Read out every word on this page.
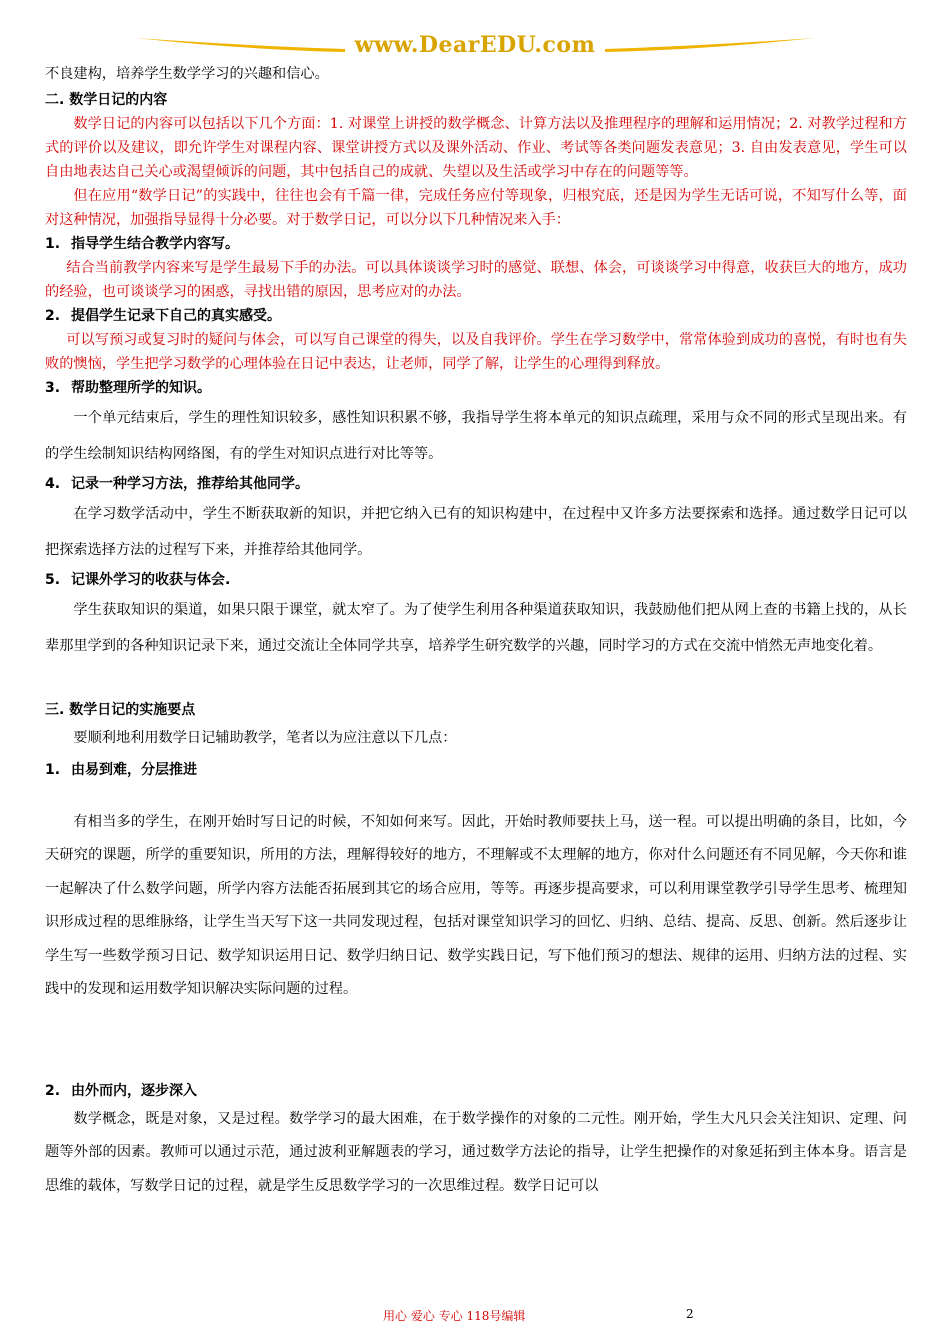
www.DearEDU.com

不良建构，培养学生数学学习的兴趣和信心。

二. 数学日记的内容

数学日记的内容可以包括以下几个方面：1. 对课堂上讲授的数学概念、计算方法以及推理程序的理解和运用情况；2. 对教学过程和方式的评价以及建议，即允许学生对课程内容、课堂讲授方式以及课外活动、作业、考试等各类问题发表意见；3. 自由发表意见，学生可以自由地表达自己关心或渴望倾诉的问题，其中包括自己的成就、失望以及生活或学习中存在的问题等等。

但在应用“数学日记”的实践中，往往也会有千篇一律，完成任务应付等现象，归根究底，还是因为学生无话可说，不知写什么等，面对这种情况，加强指导显得十分必要。对于数学日记，可以分以下几种情况来入手：

1. 指导学生结合教学内容写。

结合当前教学内容来写是学生最易下手的办法。可以具体谈谈学习时的感觉、联想、体会，可谈谈学习中得意，收获巨大的地方，成功的经验，也可谈谈学习的困惑，寻找出错的原因，思考应对的办法。

2. 提倡学生记录下自己的真实感受。

可以写预习或复习时的疑问与体会，可以写自己课堂的得失，以及自我评价。学生在学习数学中，常常体验到成功的喜悦，有时也有失败的懊恼，学生把学习数学的心理体验在日记中表达，让老师，同学了解，让学生的心理得到释放。

3. 帮助整理所学的知识。

一个单元结束后，学生的理性知识较多，感性知识积累不够，我指导学生将本单元的知识点疏理，采用与众不同的形式呈现出来。有的学生绘制知识结构网络图，有的学生对知识点进行对比等等。

4. 记录一种学习方法，推荐给其他同学。

在学习数学活动中，学生不断获取新的知识，并把它纳入已有的知识构建中，在过程中又许多方法要探索和选择。通过数学日记可以把探索选择方法的过程写下来，并推荐给其他同学。

5. 记课外学习的收获与体会.

学生获取知识的渠道，如果只限于课堂，就太窄了。为了使学生利用各种渠道获取知识，我鼓励他们把从网上查的书籍上找的，从长辈那里学到的各种知识记录下来，通过交流让全体同学共享，培养学生研究数学的兴趣，同时学习的方式在交流中悄然无声地变化着。

三. 数学日记的实施要点

要顺利地利用数学日记辅助教学，笔者以为应注意以下几点：

1. 由易到难，分层推进

有相当多的学生，在刚开始时写日记的时候，不知如何来写。因此，开始时教师要扶上马，送一程。可以提出明确的条目，比如，今天研究的课题，所学的重要知识，所用的方法，理解得较好的地方，不理解或不太理解的地方，你对什么问题还有不同见解，今天你和谁一起解决了什么数学问题，所学内容方法能否拓展到其它的场合应用，等等。再逐步提高要求，可以利用课堂教学引导学生思考、梳理知识形成过程的思维脉络，让学生当天写下这一共同发现过程，包括对课堂知识学习的回忆、归纳、总结、提高、反思、创新。然后逐步让学生写一些数学预习日记、数学知识运用日记、数学归纳日记、数学实践日记，写下他们预习的想法、规律的运用、归纳方法的过程、实践中的发现和运用数学知识解决实际问题的过程。

2. 由外而内，逐步深入

数学概念，既是对象，又是过程。数学学习的最大困难，在于数学操作的对象的二元性。刚开始，学生大凡只会关注知识、定理、问题等外部的因素。教师可以通过示范，通过波利亚解题表的学习，通过数学方法论的指导，让学生把操作的对象延拓到主体本身。语言是思维的载体，写数学日记的过程，就是学生反思数学学习的一次思维过程。数学日记可以

用心 爱心 专心 118号编辑	2
